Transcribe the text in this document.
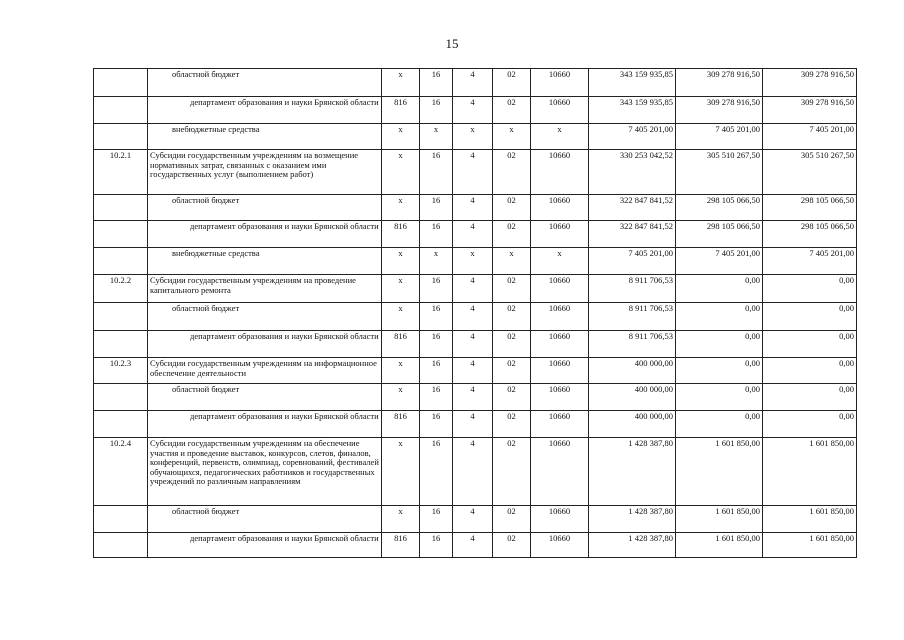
15
	областной бюджет	x	16	4	02	10660	343 159 935,85	309 278 916,50	309 278 916,50
	департамент образования и науки Брянской области	816	16	4	02	10660	343 159 935,85	309 278 916,50	309 278 916,50
	внебюджетные средства	x	x	x	x	x	7 405 201,00	7 405 201,00	7 405 201,00
10.2.1	Субсидии государственным учреждениям на возмещение нормативных затрат, связанных с оказанием ими государственных услуг (выполнением работ)	x	16	4	02	10660	330 253 042,52	305 510 267,50	305 510 267,50
	областной бюджет	x	16	4	02	10660	322 847 841,52	298 105 066,50	298 105 066,50
	департамент образования и науки Брянской области	816	16	4	02	10660	322 847 841,52	298 105 066,50	298 105 066,50
	внебюджетные средства	x	x	x	x	x	7 405 201,00	7 405 201,00	7 405 201,00
10.2.2	Субсидии государственным учреждениям на проведение капитального ремонта	x	16	4	02	10660	8 911 706,53	0,00	0,00
	областной бюджет	x	16	4	02	10660	8 911 706,53	0,00	0,00
	департамент образования и науки Брянской области	816	16	4	02	10660	8 911 706,53	0,00	0,00
10.2.3	Субсидии государственным учреждениям на информационное обеспечение деятельности	x	16	4	02	10660	400 000,00	0,00	0,00
	областной бюджет	x	16	4	02	10660	400 000,00	0,00	0,00
	департамент образования и науки Брянской области	816	16	4	02	10660	400 000,00	0,00	0,00
10.2.4	Субсидии государственным учреждениям на обеспечение участия и проведение выставок, конкурсов, слетов, финалов, конференций, первенств, олимпиад, соревнований, фестивалей обучающихся, педагогических работников и государственных учреждений по различным направлениям	x	16	4	02	10660	1 428 387,80	1 601 850,00	1 601 850,00
	областной бюджет	x	16	4	02	10660	1 428 387,80	1 601 850,00	1 601 850,00
	департамент образования и науки Брянской области	816	16	4	02	10660	1 428 387,80	1 601 850,00	1 601 850,00
